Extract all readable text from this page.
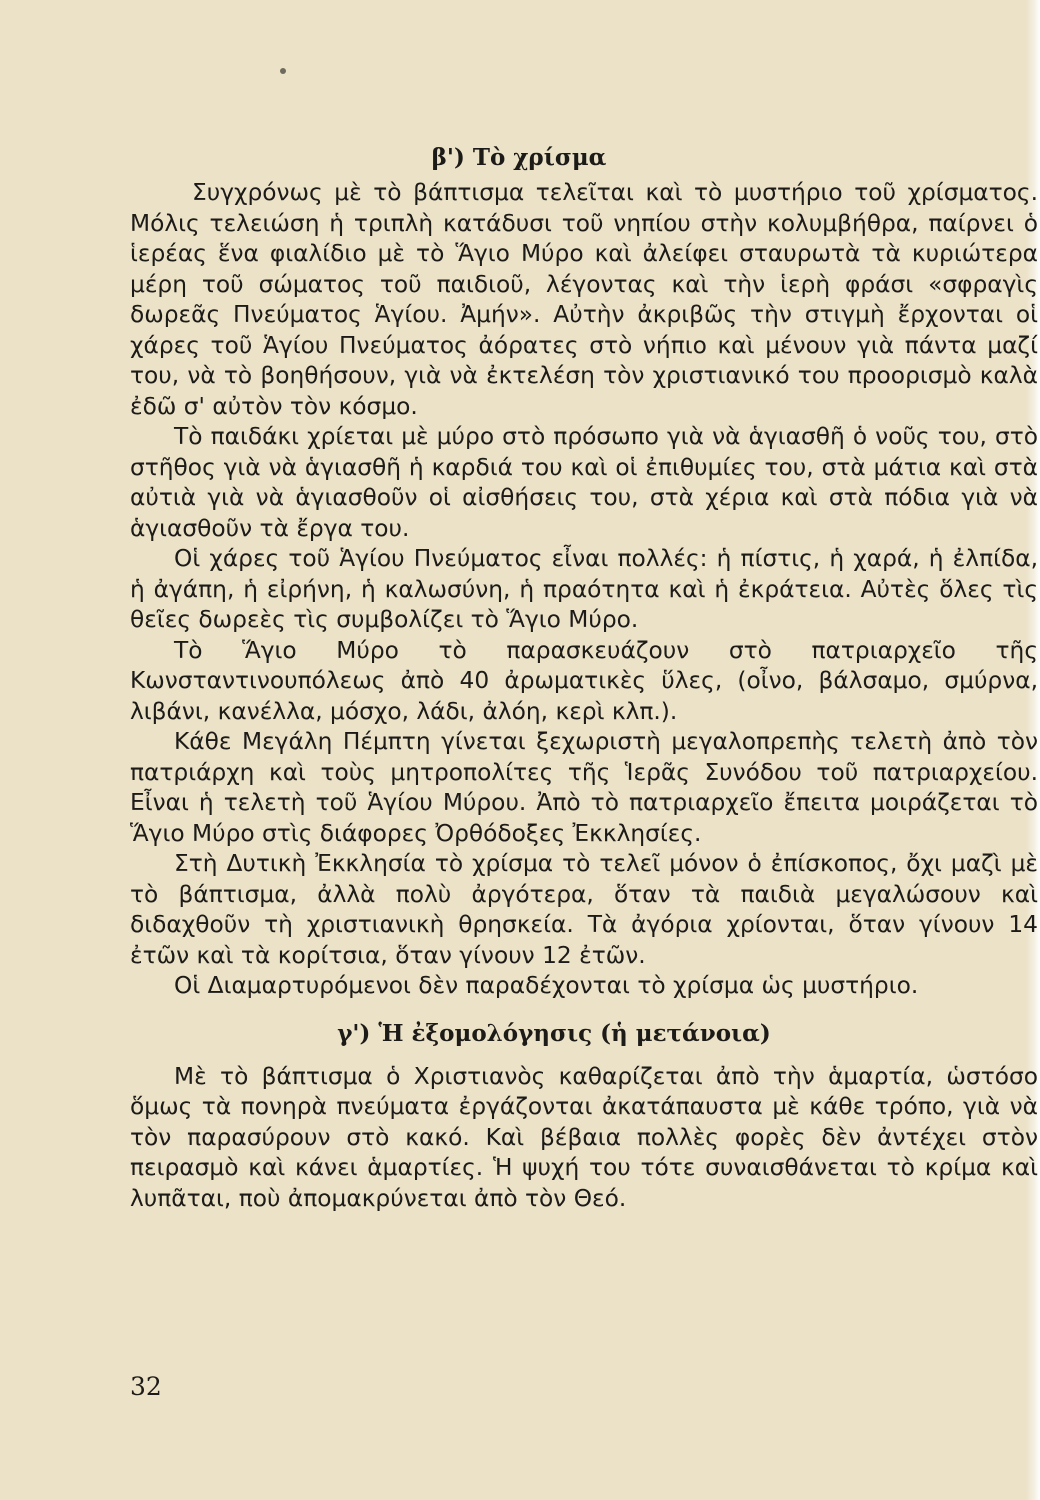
β') Τὸ χρίσμα

Συγχρόνως μὲ τὸ βάπτισμα τελεῖται καὶ τὸ μυστήριο τοῦ χρίσματος. Μόλις τελειώση ἡ τριπλὴ κατάδυσι τοῦ νηπίου στὴν κολυμβήθρα, παίρνει ὁ ἱερέας ἕνα φιαλίδιο μὲ τὸ Ἅγιο Μύρο καὶ ἀλείφει σταυρωτὰ τὰ κυριώτερα μέρη τοῦ σώματος τοῦ παιδιοῦ, λέγοντας καὶ τὴν ἱερὴ φράσι «σφραγὶς δωρεᾶς Πνεύματος Ἁγίου. Ἀμήν». Αὐτὴν ἀκριβῶς τὴν στιγμὴ ἔρχονται οἱ χάρες τοῦ Ἁγίου Πνεύματος ἀόρατες στὸ νήπιο καὶ μένουν γιὰ πάντα μαζί του, νὰ τὸ βοηθήσουν, γιὰ νὰ ἐκτελέση τὸν χριστιανικό του προορισμὸ καλὰ ἐδῶ σ' αὐτὸν τὸν κόσμο.

Τὸ παιδάκι χρίεται μὲ μύρο στὸ πρόσωπο γιὰ νὰ ἁγιασθῆ ὁ νοῦς του, στὸ στῆθος γιὰ νὰ ἁγιασθῆ ἡ καρδιά του καὶ οἱ ἐπιθυμίες του, στὰ μάτια καὶ στὰ αὐτιὰ γιὰ νὰ ἁγιασθοῦν οἱ αἰσθήσεις του, στὰ χέρια καὶ στὰ πόδια γιὰ νὰ ἁγιασθοῦν τὰ ἔργα του.

Οἱ χάρες τοῦ Ἁγίου Πνεύματος εἶναι πολλές: ἡ πίστις, ἡ χαρά, ἡ ἐλπίδα, ἡ ἀγάπη, ἡ εἰρήνη, ἡ καλωσύνη, ἡ πραότητα καὶ ἡ ἐκράτεια. Αὐτὲς ὅλες τὶς θεῖες δωρεὲς τὶς συμβολίζει τὸ Ἅγιο Μύρο.

Τὸ Ἅγιο Μύρο τὸ παρασκευάζουν στὸ πατριαρχεῖο τῆς Κωνσταντινουπόλεως ἀπὸ 40 ἀρωματικὲς ὕλες, (οἶνο, βάλσαμο, σμύρνα, λιβάνι, κανέλλα, μόσχο, λάδι, ἀλόη, κερὶ κλπ.).

Κάθε Μεγάλη Πέμπτη γίνεται ξεχωριστὴ μεγαλοπρεπὴς τελετὴ ἀπὸ τὸν πατριάρχη καὶ τοὺς μητροπολίτες τῆς Ἱερᾶς Συνόδου τοῦ πατριαρχείου. Εἶναι ἡ τελετὴ τοῦ Ἁγίου Μύρου. Ἀπὸ τὸ πατριαρχεῖο ἔπειτα μοιράζεται τὸ Ἅγιο Μύρο στὶς διάφορες Ὀρθόδοξες Ἐκκλησίες.

Στὴ Δυτικὴ Ἐκκλησία τὸ χρίσμα τὸ τελεῖ μόνον ὁ ἐπίσκοπος, ὄχι μαζὶ μὲ τὸ βάπτισμα, ἀλλὰ πολὺ ἀργότερα, ὅταν τὰ παιδιὰ μεγαλώσουν καὶ διδαχθοῦν τὴ χριστιανικὴ θρησκεία. Τὰ ἀγόρια χρίονται, ὅταν γίνουν 14 ἐτῶν καὶ τὰ κορίτσια, ὅταν γίνουν 12 ἐτῶν.

Οἱ Διαμαρτυρόμενοι δὲν παραδέχονται τὸ χρίσμα ὡς μυστήριο.

γ') Ἡ ἐξομολόγησις (ἡ μετάνοια)

Μὲ τὸ βάπτισμα ὁ Χριστιανὸς καθαρίζεται ἀπὸ τὴν ἁμαρτία, ὡστόσο ὅμως τὰ πονηρὰ πνεύματα ἐργάζονται ἀκατάπαυστα μὲ κάθε τρόπο, γιὰ νὰ τὸν παρασύρουν στὸ κακό. Καὶ βέβαια πολλὲς φορὲς δὲν ἀντέχει στὸν πειρασμὸ καὶ κάνει ἁμαρτίες. Ἡ ψυχή του τότε συναισθάνεται τὸ κρίμα καὶ λυπᾶται, ποὺ ἀπομακρύνεται ἀπὸ τὸν Θεό.

32
